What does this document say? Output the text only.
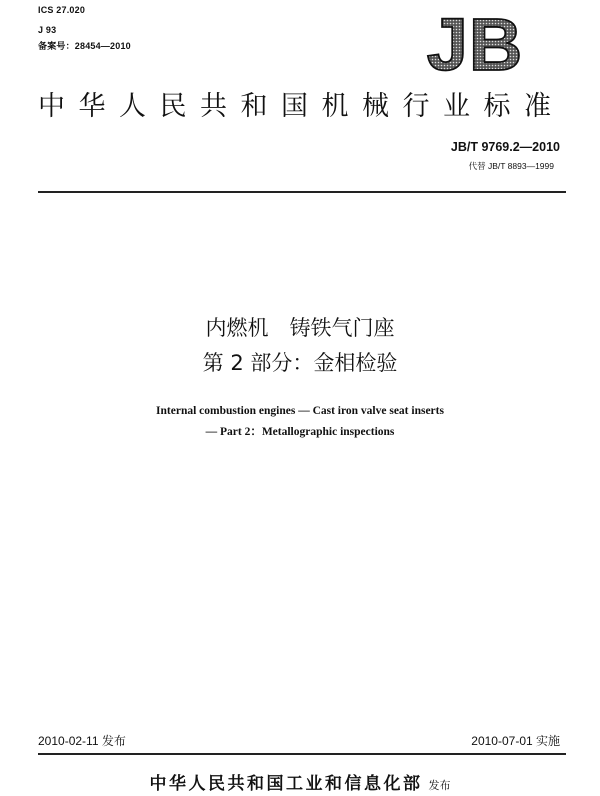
ICS 27.020
J 93
备案号：28454—2010	JB
中华人民共和国机械行业标准
JB/T 9769.2—2010
代替 JB/T 8893—1999
内燃机　铸铁气门座
第 2 部分：金相检验
Internal combustion engines — Cast iron valve seat inserts
— Part 2：Metallographic inspections
2010-02-11 发布	2010-07-01 实施
中华人民共和国工业和信息化部 发布
